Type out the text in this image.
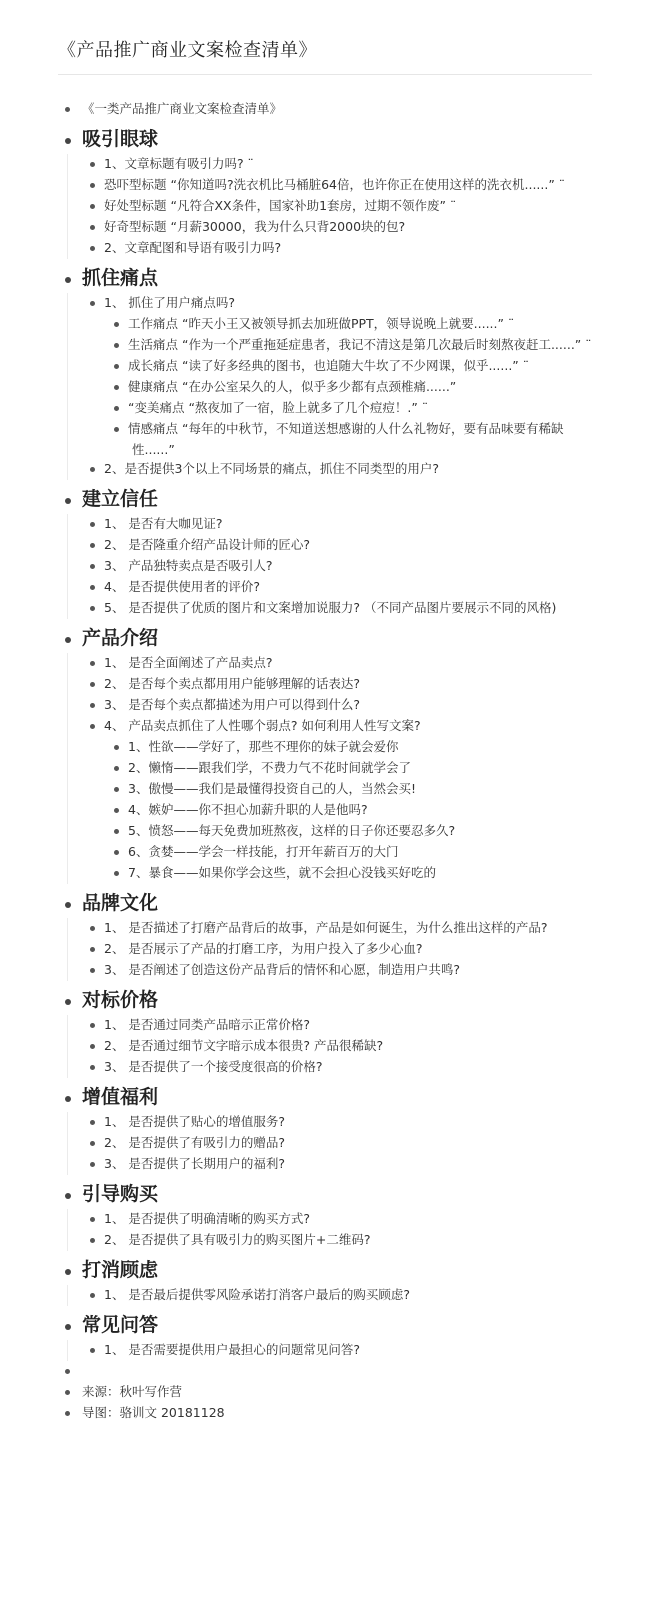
《产品推广商业文案检查清单》
《一类产品推广商业文案检查清单》
吸引眼球
1、文章标题有吸引力吗? ¨
恐吓型标题 “你知道吗?洗衣机比马桶脏64倍，也许你正在使用这样的洗衣机......” ¨
好处型标题 “凡符合XX条件，国家补助1套房，过期不领作废” ¨
好奇型标题 “月薪30000，我为什么只背2000块的包?
2、文章配图和导语有吸引力吗?
抓住痛点
1、 抓住了用户痛点吗?
工作痛点 “昨天小王又被领导抓去加班做PPT，领导说晚上就要......” ¨
生活痛点 “作为一个严重拖延症患者，我记不清这是第几次最后时刻熬夜赶工......” ¨
成长痛点 “读了好多经典的图书，也追随大牛坎了不少网课，似乎......” ¨
健康痛点 “在办公室呆久的人，似乎多少都有点颈椎痛......”
“变美痛点 “熬夜加了一宿，脸上就多了几个痘痘！.” ¨
情感痛点 “每年的中秋节，不知道送想感谢的人什么礼物好，要有品味要有稀缺
性......”
2、是否提供3个以上不同场景的痛点，抓住不同类型的用户?
建立信任
1、 是否有大咖见证?
2、 是否隆重介绍产品设计师的匠心?
3、 产品独特卖点是否吸引人?
4、 是否提供使用者的评价?
5、 是否提供了优质的图片和文案增加说服力? （不同产品图片要展示不同的风格)
产品介绍
1、 是否全面阐述了产品卖点?
2、 是否每个卖点都用用户能够理解的话表达?
3、 是否每个卖点都描述为用户可以得到什么?
4、 产品卖点抓住了人性哪个弱点? 如何利用人性写文案?
1、性欲——学好了，那些不理你的妹子就会爱你
2、懒惰——跟我们学，不费力气不花时间就学会了
3、傲慢——我们是最懂得投资自己的人，当然会买!
4、嫉妒——你不担心加薪升职的人是他吗?
5、愤怒——每天免费加班熬夜，这样的日子你还要忍多久?
6、贪婪——学会一样技能，打开年薪百万的大门
7、暴食——如果你学会这些，就不会担心没钱买好吃的
品牌文化
1、 是否描述了打磨产品背后的故事，产品是如何诞生，为什么推出这样的产品?
2、 是否展示了产品的打磨工序，为用户投入了多少心血?
3、 是否阐述了创造这份产品背后的情怀和心愿，制造用户共鸣?
对标价格
1、 是否通过同类产品暗示正常价格?
2、 是否通过细节文字暗示成本很贵? 产品很稀缺?
3、 是否提供了一个接受度很高的价格?
增值福利
1、 是否提供了贴心的增值服务?
2、 是否提供了有吸引力的赠品?
3、 是否提供了长期用户的福利?
引导购买
1、 是否提供了明确清晰的购买方式?
2、 是否提供了具有吸引力的购买图片+二维码?
打消顾虑
1、 是否最后提供零风险承诺打消客户最后的购买顾虑?
常见问答
1、 是否需要提供用户最担心的问题常见问答?
来源：秋叶写作营
导图：骆训文 20181128
